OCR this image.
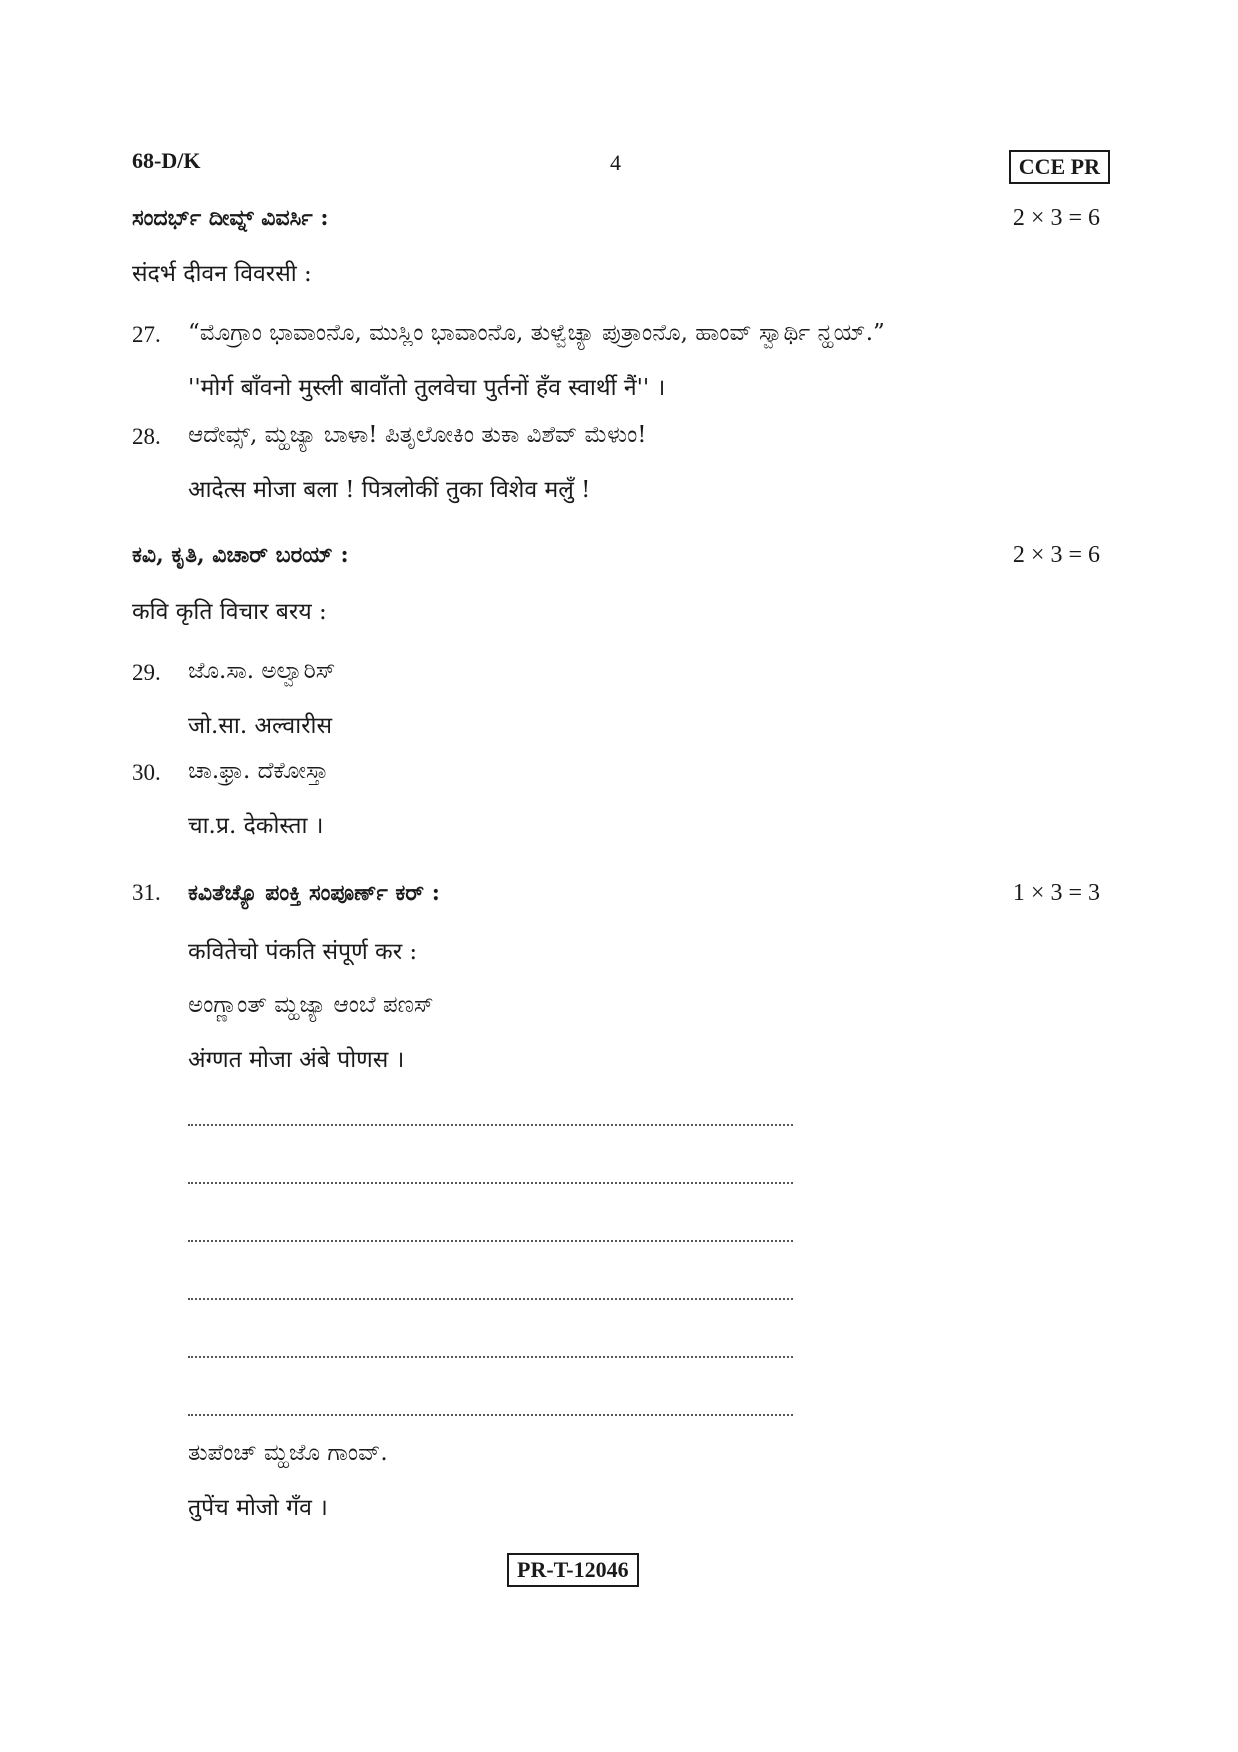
68-D/K	4	CCE PR
ಸಂದರ್ಭ್ ದೀವ್ನ್ ವಿವರ್ಸಿ :	2 × 3 = 6
संदर्भ दीवन विवरसी :
27. “ಮೊಗ್ರಾಂ ಭಾವಾಂನೊ, ಮುಸ್ಲಿಂ ಭಾವಾಂನೊ, ತುಳ್ವೆಚ್ಯಾ ಪುತ್ರಾಂನೊ, ಹಾಂವ್ ಸ್ವಾರ್ಥಿ ನ್ಹಯ್.”
''मोर्ग बाँवनो मुस्ली बावाँतो तुलवेचा पुर्तनों हँव स्वार्थी नैं'' ।
28. ಆದೇವ್ಸ್, ಮ್ಹಜ್ಯಾ ಬಾಳಾ! ಪಿತೃಲೋಕಿಂ ತುಕಾ ವಿಶೆವ್ ಮೆಳುಂ!
आदेत्स मोजा बला ! पित्रलोकीं तुका विशेव मलुँ !
ಕವಿ, ಕೃತಿ, ವಿಚಾರ್ ಬರಯ್ :	2 × 3 = 6
कवि कृति विचार बरय :
29. ಜೊ.ಸಾ. ಅಲ್ವಾರಿಸ್
जो.सा. अल्वारीस
30. ಚಾ.ಫ್ರಾ. ದೆಕೋಸ್ತಾ
चा.प्र. देकोस्ता ।
31. ಕವಿತೆಚ್ಯೊ ಪಂಕ್ತಿ ಸಂಪೂರ್ಣ್ ಕರ್ :	1 × 3 = 3
कवितेचो पंकति संपूर्ण कर :
ಅಂಗ್ಣಾಂತ್ ಮ್ಹಜ್ಯಾ ಆಂಬೆ ಪಣಸ್
अंग्णत मोजा अंबे पोणस ।
ತುಪೆಂಚ್ ಮ್ಹಜೊ ಗಾಂವ್.
तुपेंच मोजो गँव ।
PR-T-12046
